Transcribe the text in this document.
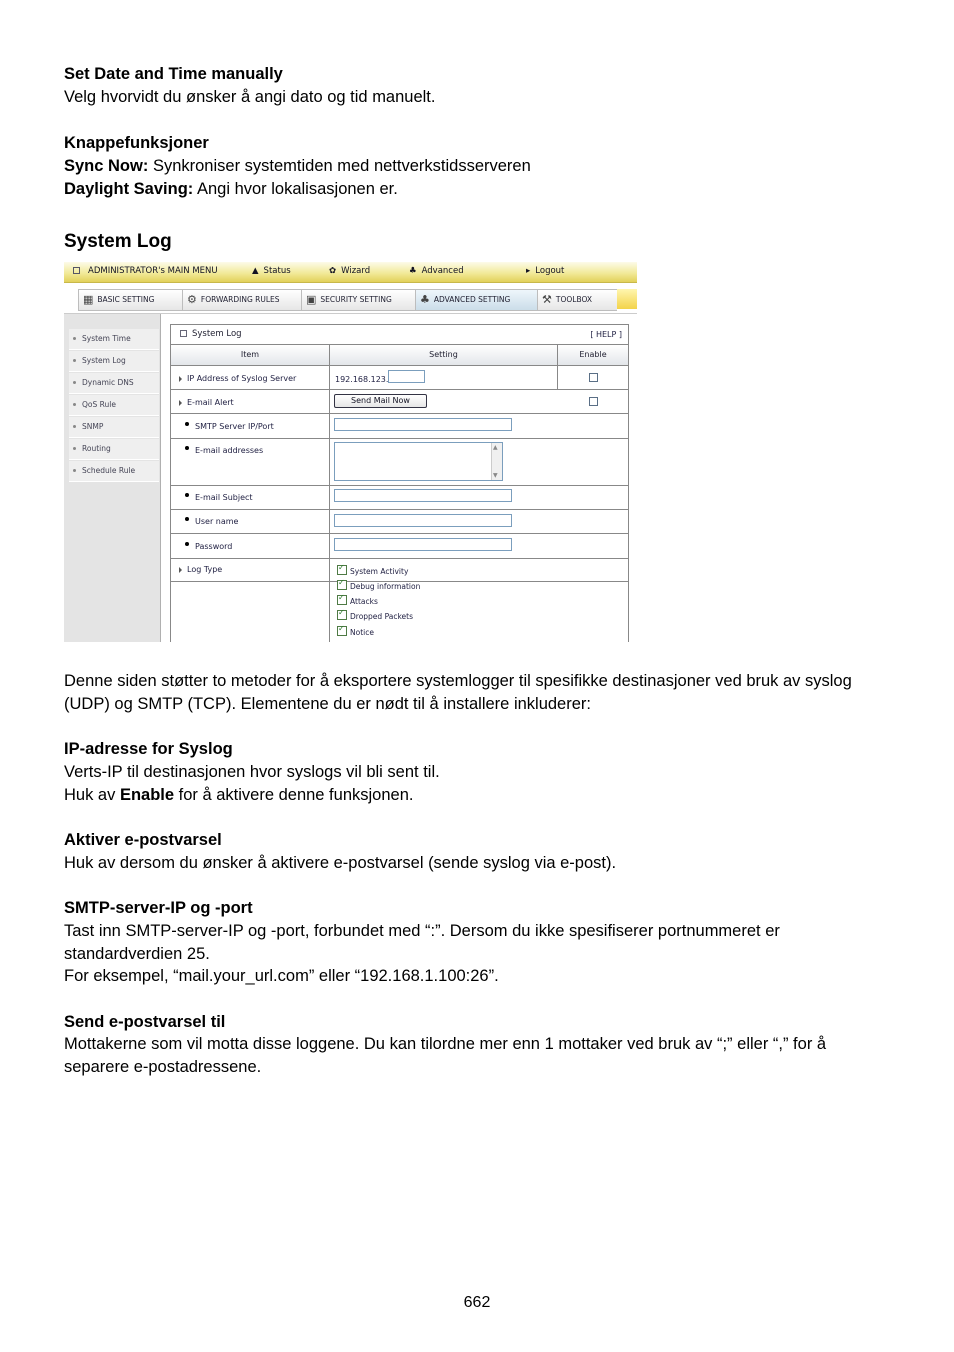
Set Date and Time manually
Velg hvorvidt du ønsker å angi dato og tid manuelt.
Knappefunksjoner
Sync Now: Synkroniser systemtiden med nettverkstidsserveren
Daylight Saving: Angi hvor lokalisasjonen er.
System Log
Denne siden støtter to metoder for å eksportere systemlogger til spesifikke destinasjoner ved bruk av syslog (UDP) og SMTP (TCP). Elementene du er nødt til å installere inkluderer:
IP-adresse for Syslog
Verts-IP til destinasjonen hvor syslogs vil bli sent til.
Huk av Enable for å aktivere denne funksjonen.
Aktiver e-postvarsel
Huk av dersom du ønsker å aktivere e-postvarsel (sende syslog via e-post).
SMTP-server-IP og -port
Tast inn SMTP-server-IP og -port, forbundet med “:”. Dersom du ikke spesifiserer portnummeret er standardverdien 25.
For eksempel, “mail.your_url.com” eller “192.168.1.100:26”.
Send e-postvarsel til
Mottakerne som vil motta disse loggene. Du kan tilordne mer enn 1 mottaker ved bruk av “;” eller “,” for å separere e-postadressene.
662
ADMINISTRATOR's MAIN MENU	▲ Status	✿ Wizard	♣ Advanced	▸ Logout
▦ BASIC SETTING	⚙ FORWARDING RULES	▣ SECURITY SETTING	♣ ADVANCED SETTING	⚒ TOOLBOX
System Time
System Log
Dynamic DNS
QoS Rule
SNMP
Routing
Schedule Rule
System Log	[ HELP ]
Item	Setting	Enable
IP Address of Syslog Server	192.168.123.
E-mail Alert	Send Mail Now
SMTP Server IP/Port
E-mail addresses	▲
▼
E-mail Subject
User name
Password
Log Type
✓	System Activity
✓Debug information
✓Attacks
✓Dropped Packets
✓Notice
